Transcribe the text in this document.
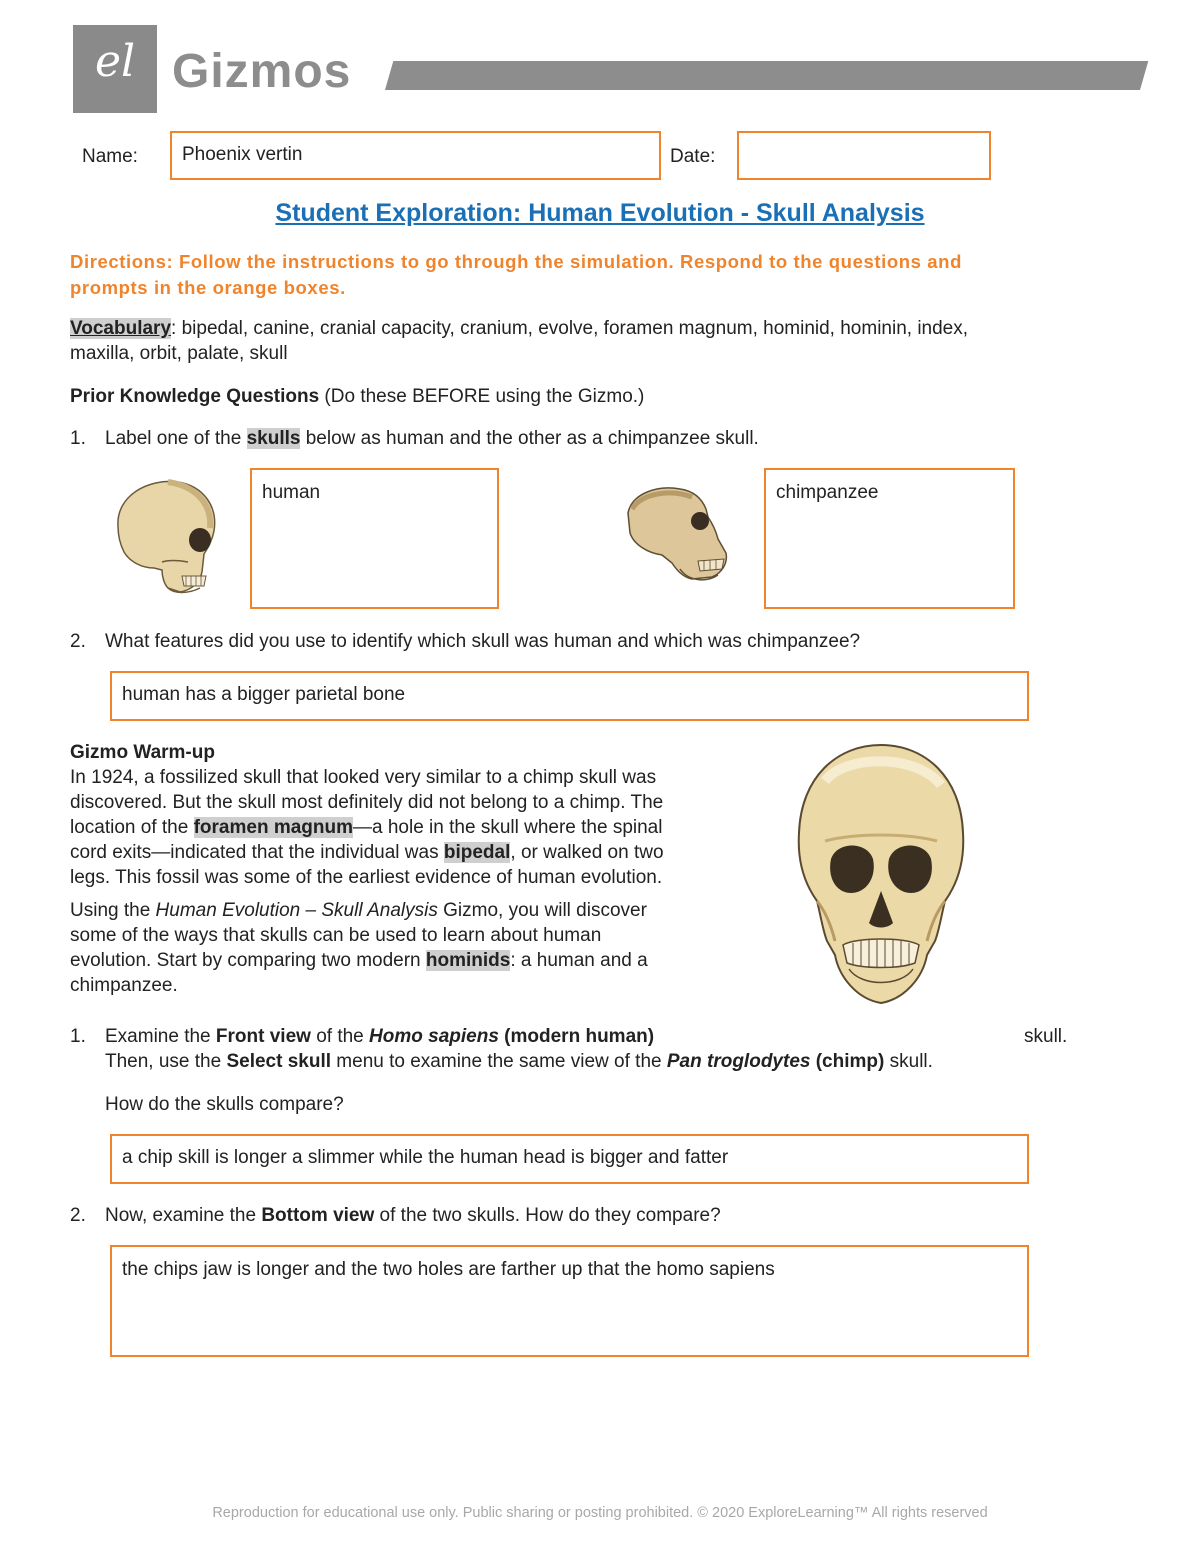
el Gizmos
Name:	Phoenix vertin	Date:
Student Exploration: Human Evolution - Skull Analysis
Directions: Follow the instructions to go through the simulation. Respond to the questions and
prompts in the orange boxes.
Vocabulary: bipedal, canine, cranial capacity, cranium, evolve, foramen magnum, hominid, hominin, index,
maxilla, orbit, palate, skull
Prior Knowledge Questions (Do these BEFORE using the Gizmo.)
1. Label one of the skulls below as human and the other as a chimpanzee skull.
human	chimpanzee
2. What features did you use to identify which skull was human and which was chimpanzee?
human has a bigger parietal bone
Gizmo Warm-up
In 1924, a fossilized skull that looked very similar to a chimp skull was
discovered. But the skull most definitely did not belong to a chimp. The
location of the foramen magnum—a hole in the skull where the spinal
cord exits—indicated that the individual was bipedal, or walked on two
legs. This fossil was some of the earliest evidence of human evolution.
Using the Human Evolution – Skull Analysis Gizmo, you will discover
some of the ways that skulls can be used to learn about human
evolution. Start by comparing two modern hominids: a human and a
chimpanzee.
1. Examine the Front view of the Homo sapiens (modern human)	skull.
Then, use the Select skull menu to examine the same view of the Pan troglodytes (chimp) skull.
How do the skulls compare?
a chip skill is longer a slimmer while the human head is bigger and fatter
2. Now, examine the Bottom view of the two skulls. How do they compare?
the chips jaw is longer and the two holes are farther up that the homo sapiens
Reproduction for educational use only. Public sharing or posting prohibited. © 2020 ExploreLearning™ All rights reserved
